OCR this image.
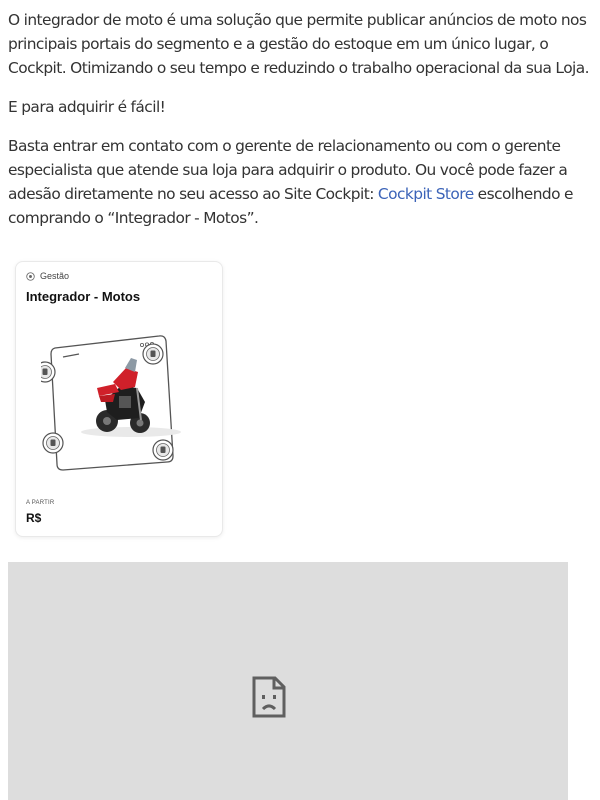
O integrador de moto é uma solução que permite publicar anúncios de moto nos principais portais do segmento e a gestão do estoque em um único lugar, o Cockpit. Otimizando o seu tempo e reduzindo o trabalho operacional da sua Loja.

E para adquirir é fácil!

Basta entrar em contato com o gerente de relacionamento ou com o gerente especialista que atende sua loja para adquirir o produto. Ou você pode fazer a adesão diretamente no seu acesso ao Site Cockpit: Cockpit Store escolhendo e comprando o “Integrador - Motos”.

Gestão
Integrador - Motos
A PARTIR
R$
